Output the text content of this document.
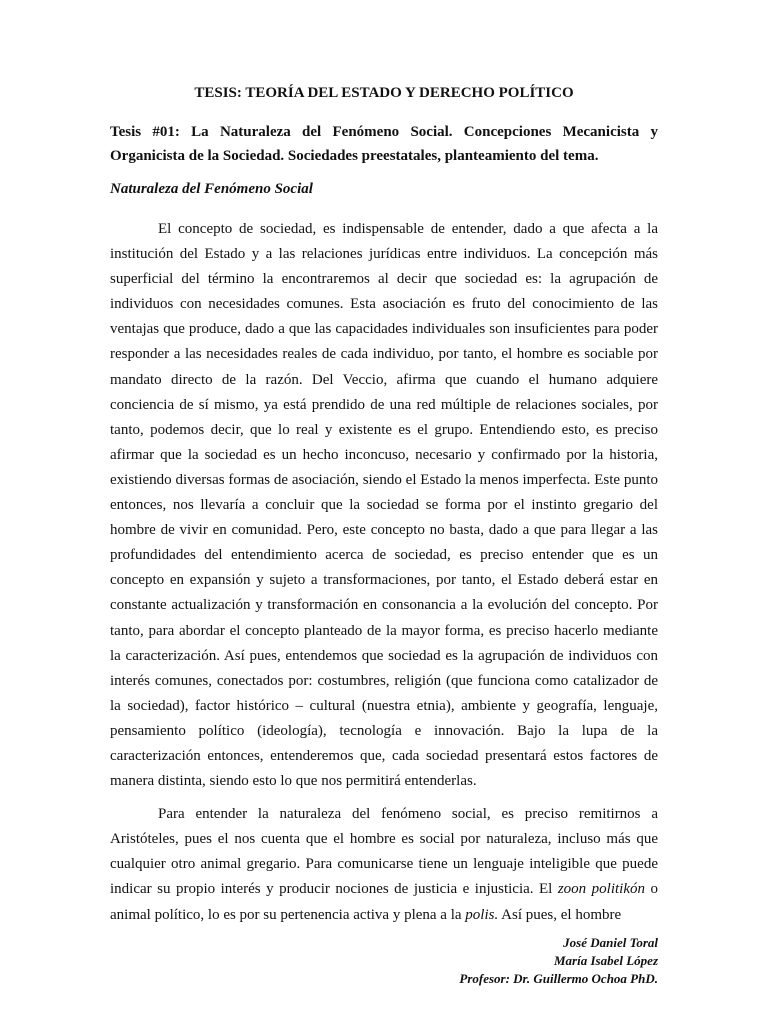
TESIS: TEORÍA DEL ESTADO Y DERECHO POLÍTICO
Tesis #01: La Naturaleza del Fenómeno Social. Concepciones Mecanicista y Organicista de la Sociedad. Sociedades preestatales, planteamiento del tema.
Naturaleza del Fenómeno Social

El concepto de sociedad, es indispensable de entender, dado a que afecta a la institución del Estado y a las relaciones jurídicas entre individuos. La concepción más superficial del término la encontraremos al decir que sociedad es: la agrupación de individuos con necesidades comunes. Esta asociación es fruto del conocimiento de las ventajas que produce, dado a que las capacidades individuales son insuficientes para poder responder a las necesidades reales de cada individuo, por tanto, el hombre es sociable por mandato directo de la razón. Del Veccio, afirma que cuando el humano adquiere conciencia de sí mismo, ya está prendido de una red múltiple de relaciones sociales, por tanto, podemos decir, que lo real y existente es el grupo. Entendiendo esto, es preciso afirmar que la sociedad es un hecho inconcuso, necesario y confirmado por la historia, existiendo diversas formas de asociación, siendo el Estado la menos imperfecta. Este punto entonces, nos llevaría a concluir que la sociedad se forma por el instinto gregario del hombre de vivir en comunidad. Pero, este concepto no basta, dado a que para llegar a las profundidades del entendimiento acerca de sociedad, es preciso entender que es un concepto en expansión y sujeto a transformaciones, por tanto, el Estado deberá estar en constante actualización y transformación en consonancia a la evolución del concepto. Por tanto, para abordar el concepto planteado de la mayor forma, es preciso hacerlo mediante la caracterización. Así pues, entendemos que sociedad es la agrupación de individuos con interés comunes, conectados por: costumbres, religión (que funciona como catalizador de la sociedad), factor histórico – cultural (nuestra etnia), ambiente y geografía, lenguaje, pensamiento político (ideología), tecnología e innovación. Bajo la lupa de la caracterización entonces, entenderemos que, cada sociedad presentará estos factores de manera distinta, siendo esto lo que nos permitirá entenderlas.

Para entender la naturaleza del fenómeno social, es preciso remitirnos a Aristóteles, pues el nos cuenta que el hombre es social por naturaleza, incluso más que cualquier otro animal gregario. Para comunicarse tiene un lenguaje inteligible que puede indicar su propio interés y producir nociones de justicia e injusticia. El zoon politikón o animal político, lo es por su pertenencia activa y plena a la polis. Así pues, el hombre

José Daniel Toral
María Isabel López
Profesor: Dr. Guillermo Ochoa PhD.
